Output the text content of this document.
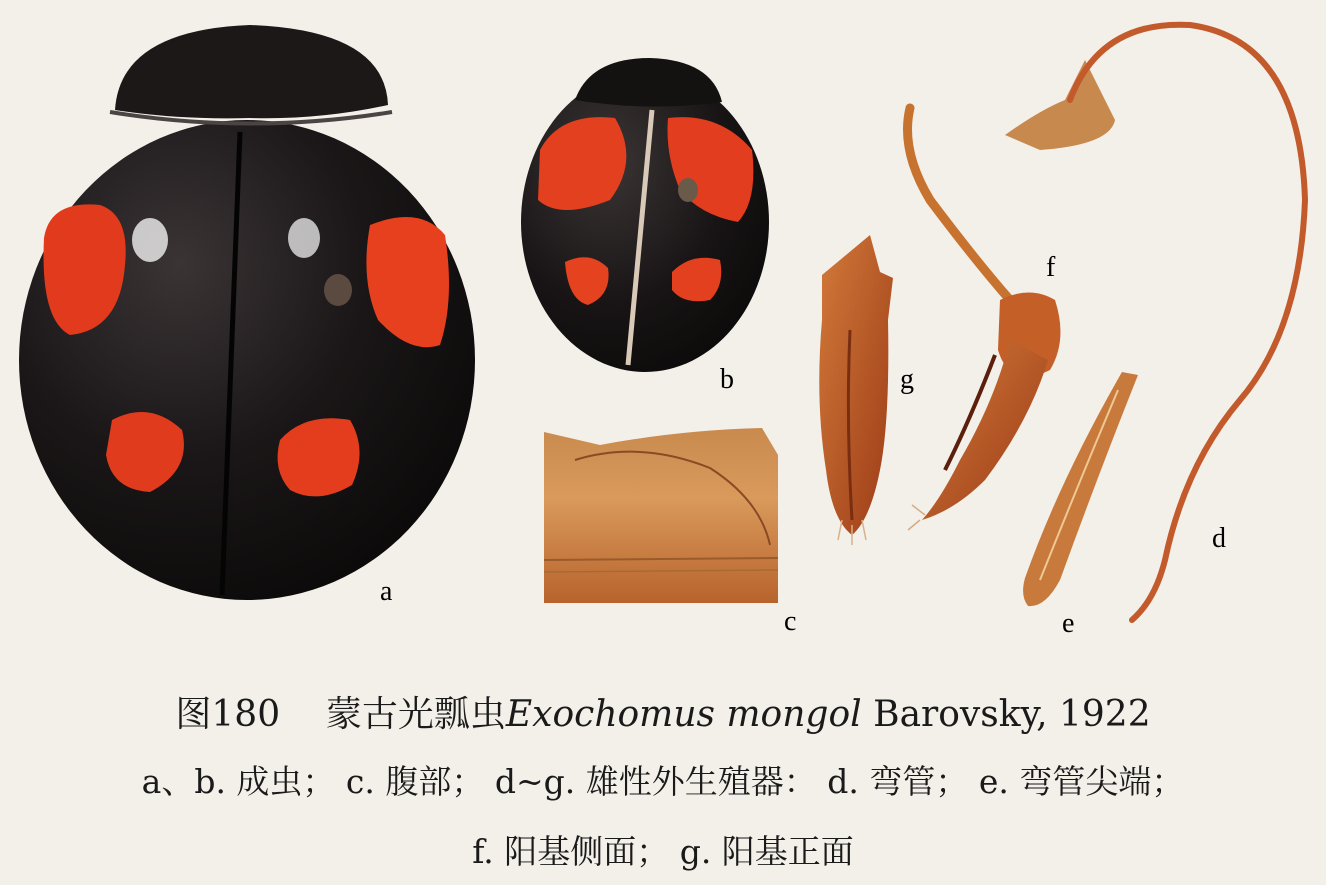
a
b
c
d
e
f
g
图180 蒙古光瓢虫Exochomus mongol Barovsky, 1922
a、b. 成虫； c. 腹部； d~g. 雄性外生殖器： d. 弯管； e. 弯管尖端；
f. 阳基侧面； g. 阳基正面
